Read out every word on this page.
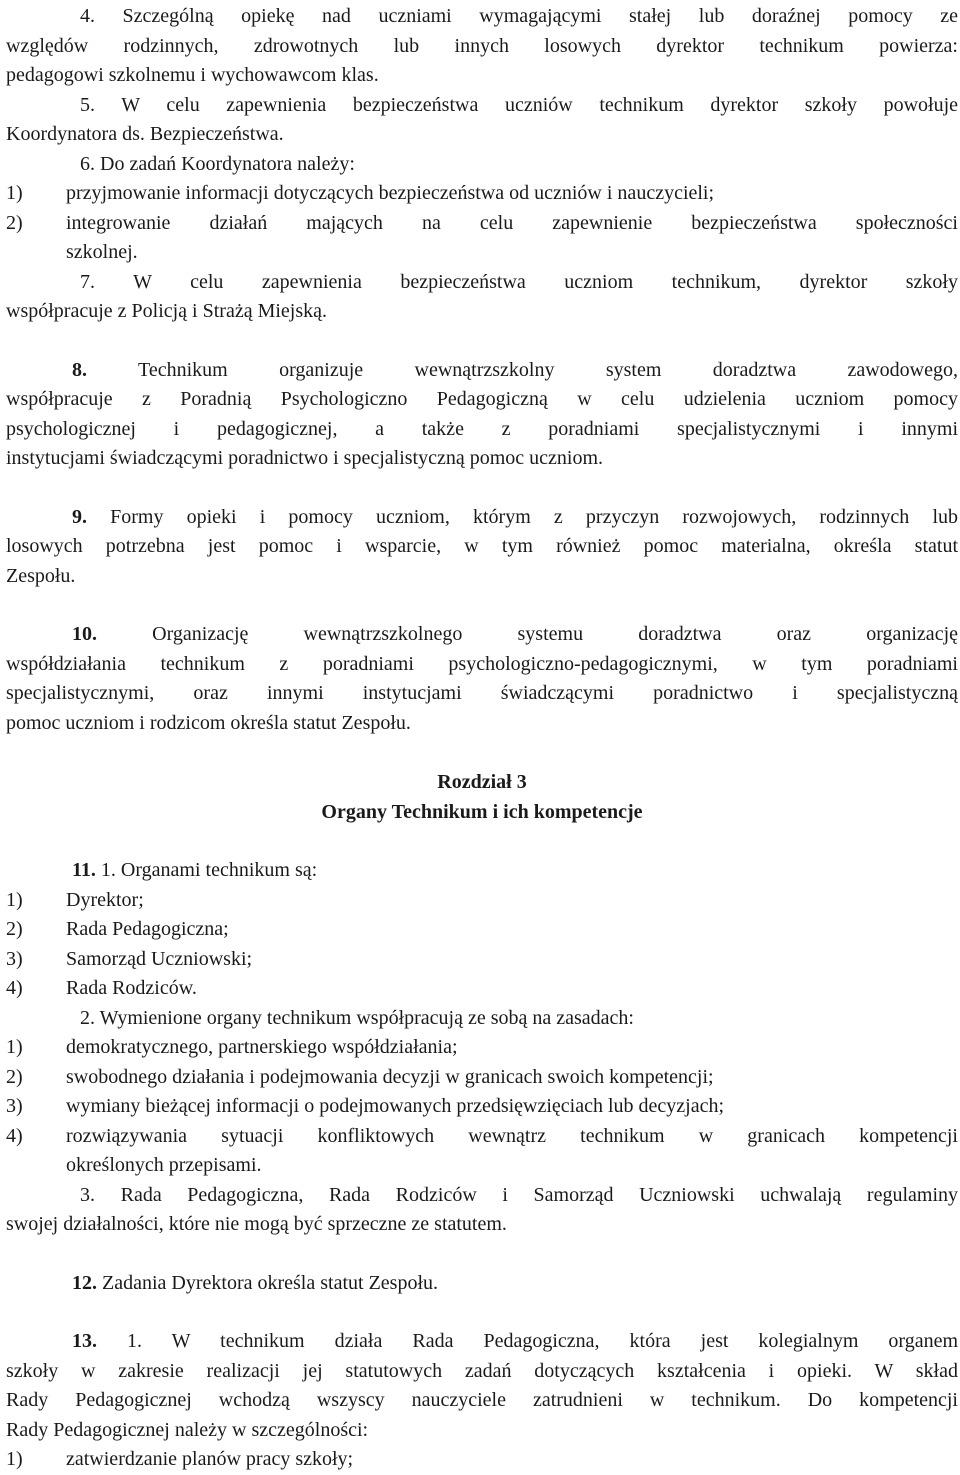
4. Szczególną opiekę nad uczniami wymagającymi stałej lub doraźnej pomocy ze
względów rodzinnych, zdrowotnych lub innych losowych dyrektor technikum powierza:
pedagogowi szkolnemu i wychowawcom klas.
5. W celu zapewnienia bezpieczeństwa uczniów technikum dyrektor szkoły powołuje
Koordynatora ds. Bezpieczeństwa.
6. Do zadań Koordynatora należy:
1)	przyjmowanie informacji dotyczących bezpieczeństwa od uczniów i nauczycieli;
2)	integrowanie działań mających na celu zapewnienie bezpieczeństwa społeczności
szkolnej.
7. W celu zapewnienia bezpieczeństwa uczniom technikum, dyrektor szkoły
współpracuje z Policją i Strażą Miejską.
8.	Technikum organizuje wewnątrzszkolny system doradztwa zawodowego,
współpracuje z Poradnią Psychologiczno Pedagogiczną w celu udzielenia uczniom pomocy
psychologicznej i pedagogicznej, a także z poradniami specjalistycznymi i innymi
instytucjami świadczącymi poradnictwo i specjalistyczną pomoc uczniom.
9. Formy opieki i pomocy uczniom, którym z przyczyn rozwojowych, rodzinnych lub
losowych potrzebna jest pomoc i wsparcie, w tym również pomoc materialna, określa statut
Zespołu.
10.	Organizację wewnątrzszkolnego systemu doradztwa oraz organizację
współdziałania technikum z poradniami psychologiczno-pedagogicznymi, w tym poradniami
specjalistycznymi, oraz innymi instytucjami świadczącymi poradnictwo i specjalistyczną
pomoc uczniom i rodzicom określa statut Zespołu.
Rozdział 3
Organy Technikum i ich kompetencje
11. 1. Organami technikum są:
1)	Dyrektor;
2)	Rada Pedagogiczna;
3)	Samorząd Uczniowski;
4)	Rada Rodziców.
2. Wymienione organy technikum współpracują ze sobą na zasadach:
1)	demokratycznego, partnerskiego współdziałania;
2)	swobodnego działania i podejmowania decyzji w granicach swoich kompetencji;
3)	wymiany bieżącej informacji o podejmowanych przedsięwzięciach lub decyzjach;
4)	rozwiązywania sytuacji konfliktowych wewnątrz technikum w granicach kompetencji
określonych przepisami.
3. Rada Pedagogiczna, Rada Rodziców i Samorząd Uczniowski uchwalają regulaminy
swojej działalności, które nie mogą być sprzeczne ze statutem.
12. Zadania Dyrektora określa statut Zespołu.
13. 1. W technikum działa Rada Pedagogiczna, która jest kolegialnym organem
szkoły w zakresie realizacji jej statutowych zadań dotyczących kształcenia i opieki. W skład
Rady Pedagogicznej wchodzą wszyscy nauczyciele zatrudnieni w technikum. Do kompetencji
Rady Pedagogicznej należy w szczególności:
1)	zatwierdzanie planów pracy szkoły;
